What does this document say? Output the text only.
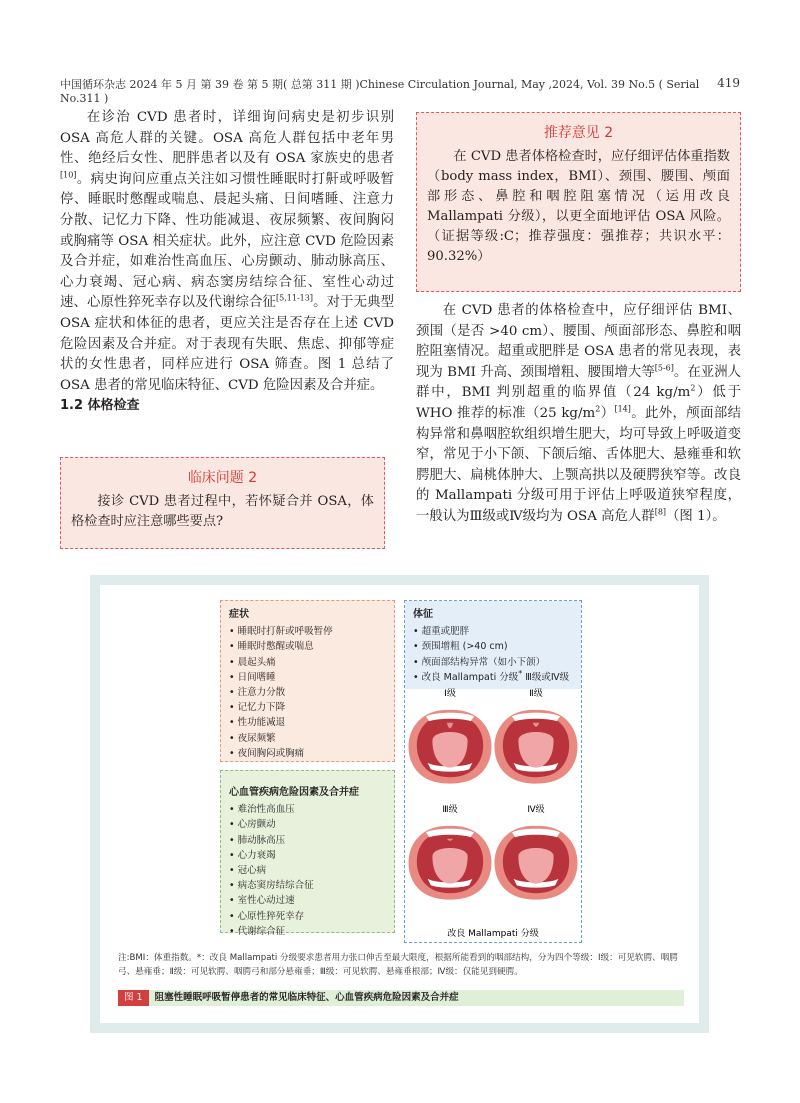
中国循环杂志 2024 年 5 月 第 39 卷 第 5 期( 总第 311 期 )Chinese Circulation Journal, May ,2024, Vol. 39 No.5 ( Serial No.311 )
419

在诊治 CVD 患者时，详细询问病史是初步识别 OSA 高危人群的关键。OSA 高危人群包括中老年男性、绝经后女性、肥胖患者以及有 OSA 家族史的患者[10]。病史询问应重点关注如习惯性睡眠时打鼾或呼吸暂停、睡眠时憋醒或喘息、晨起头痛、日间嗜睡、注意力分散、记忆力下降、性功能减退、夜尿频繁、夜间胸闷或胸痛等 OSA 相关症状。此外，应注意 CVD 危险因素及合并症，如难治性高血压、心房颤动、肺动脉高压、心力衰竭、冠心病、病态窦房结综合征、室性心动过速、心原性猝死幸存以及代谢综合征[5,11-13]。对于无典型 OSA 症状和体征的患者，更应关注是否存在上述 CVD 危险因素及合并症。对于表现有失眠、焦虑、抑郁等症状的女性患者，同样应进行 OSA 筛查。图 1 总结了 OSA 患者的常见临床特征、CVD 危险因素及合并症。

1.2 体格检查

临床问题 2

接诊 CVD 患者过程中，若怀疑合并 OSA，体格检查时应注意哪些要点?

推荐意见 2

在 CVD 患者体格检查时，应仔细评估体重指数（body mass index，BMI）、颈围、腰围、颅面部形态、鼻腔和咽腔阻塞情况（运用改良 Mallampati 分级），以更全面地评估 OSA 风险。（证据等级:C；推荐强度：强推荐；共识水平：90.32%）

在 CVD 患者的体格检查中，应仔细评估 BMI、颈围（是否 >40 cm）、腰围、颅面部形态、鼻腔和咽腔阻塞情况。超重或肥胖是 OSA 患者的常见表现，表现为 BMI 升高、颈围增粗、腰围增大等[5-6]。在亚洲人群中，BMI 判别超重的临界值（24 $kg/m^2$）低于 WHO 推荐的标准（25 $kg/m^2)[14]$。此外，颅面部结构异常和鼻咽腔软组织增生肥大，均可导致上呼吸道变窄，常见于小下颌、下颌后缩、舌体肥大、悬雍垂和软腭肥大、扁桃体肿大、上颚高拱以及硬腭狭窄等。改良的 Mallampati 分级可用于评估上呼吸道狭窄程度，一般认为Ⅲ级或Ⅳ级均为 OSA 高危人群[8]（图 1）。

症状
• 睡眠时打鼾或呼吸暂停
• 睡眠时憋醒或喘息
• 晨起头痛
• 日间嗜睡
• 注意力分散
• 记忆力下降
• 性功能减退
• 夜尿频繁
• 夜间胸闷或胸痛
心血管疾病危险因素及合并症
• 难治性高血压
• 心房颤动
• 肺动脉高压
• 心力衰竭
• 冠心病
• 病态窦房结综合征
• 室性心动过速
• 心原性猝死幸存
• 代谢综合征
体征
• 超重或肥胖
• 颈围增粗 (>40 cm)
• 颅面部结构异常（如小下颌）
• 改良 Mallampati 分级* Ⅲ级或Ⅳ级
Ⅰ级	Ⅱ级
Ⅲ级	Ⅳ级
改良 Mallampati 分级
注:BMI：体重指数。*：改良 Mallampati 分级要求患者用力张口伸舌至最大限度，根据所能看到的咽部结构，分为四个等级：Ⅰ级：可见软腭、咽腭弓、悬雍垂；Ⅱ级：可见软腭、咽腭弓和部分悬雍垂；Ⅲ级：可见软腭、悬雍垂根部；Ⅳ级：仅能见到硬腭。
图 1 阻塞性睡眠呼吸暂停患者的常见临床特征、心血管疾病危险因素及合并症
